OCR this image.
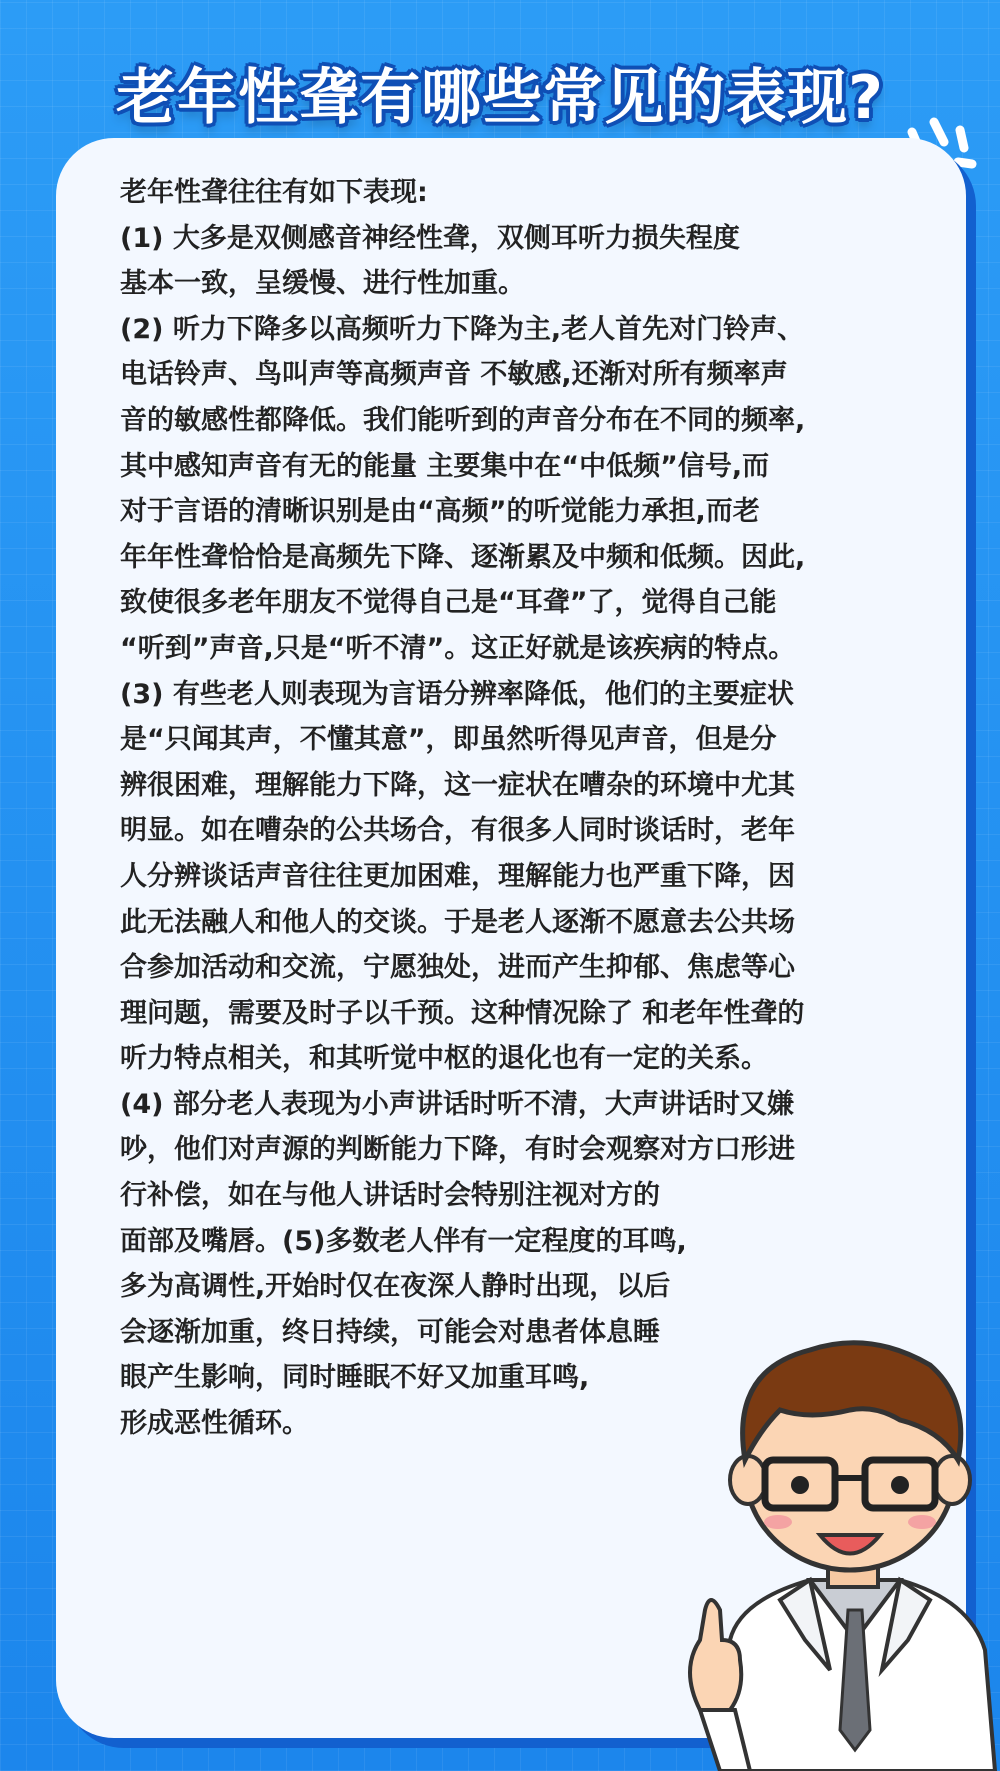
老年性聋有哪些常见的表现?
老年性聋往往有如下表现:
(1) 大多是双侧感音神经性聋，双侧耳听力损失程度
基本一致，呈缓慢、进行性加重。
(2) 听力下降多以高频听力下降为主,老人首先对门铃声、
电话铃声、鸟叫声等高频声音 不敏感,还渐对所有频率声
音的敏感性都降低。我们能听到的声音分布在不同的频率,
其中感知声音有无的能量 主要集中在“中低频”信号,而
对于言语的清晰识别是由“高频”的听觉能力承担,而老
年年性聋恰恰是高频先下降、逐渐累及中频和低频。因此,
致使很多老年朋友不觉得自己是“耳聋”了，觉得自己能
“听到”声音,只是“听不清”。这正好就是该疾病的特点。
(3) 有些老人则表现为言语分辨率降低，他们的主要症状
是“只闻其声，不懂其意”，即虽然听得见声音，但是分
辨很困难，理解能力下降，这一症状在嘈杂的环境中尤其
明显。如在嘈杂的公共场合，有很多人同时谈话时，老年
人分辨谈话声音往往更加困难，理解能力也严重下降，因
此无法融人和他人的交谈。于是老人逐渐不愿意去公共场
合参加活动和交流，宁愿独处，进而产生抑郁、焦虑等心
理问题，需要及时子以千预。这种情况除了 和老年性聋的
听力特点相关，和其听觉中枢的退化也有一定的关系。
(4) 部分老人表现为小声讲话时听不清，大声讲话时又嫌
吵，他们对声源的判断能力下降，有时会观察对方口形进
行补偿，如在与他人讲话时会特别注视对方的
面部及嘴唇。(5)多数老人伴有一定程度的耳鸣,
多为高调性,开始时仅在夜深人静时出现，以后
会逐渐加重，终日持续，可能会对患者体息睡
眼产生影响，同时睡眠不好又加重耳鸣,
形成恶性循环。
